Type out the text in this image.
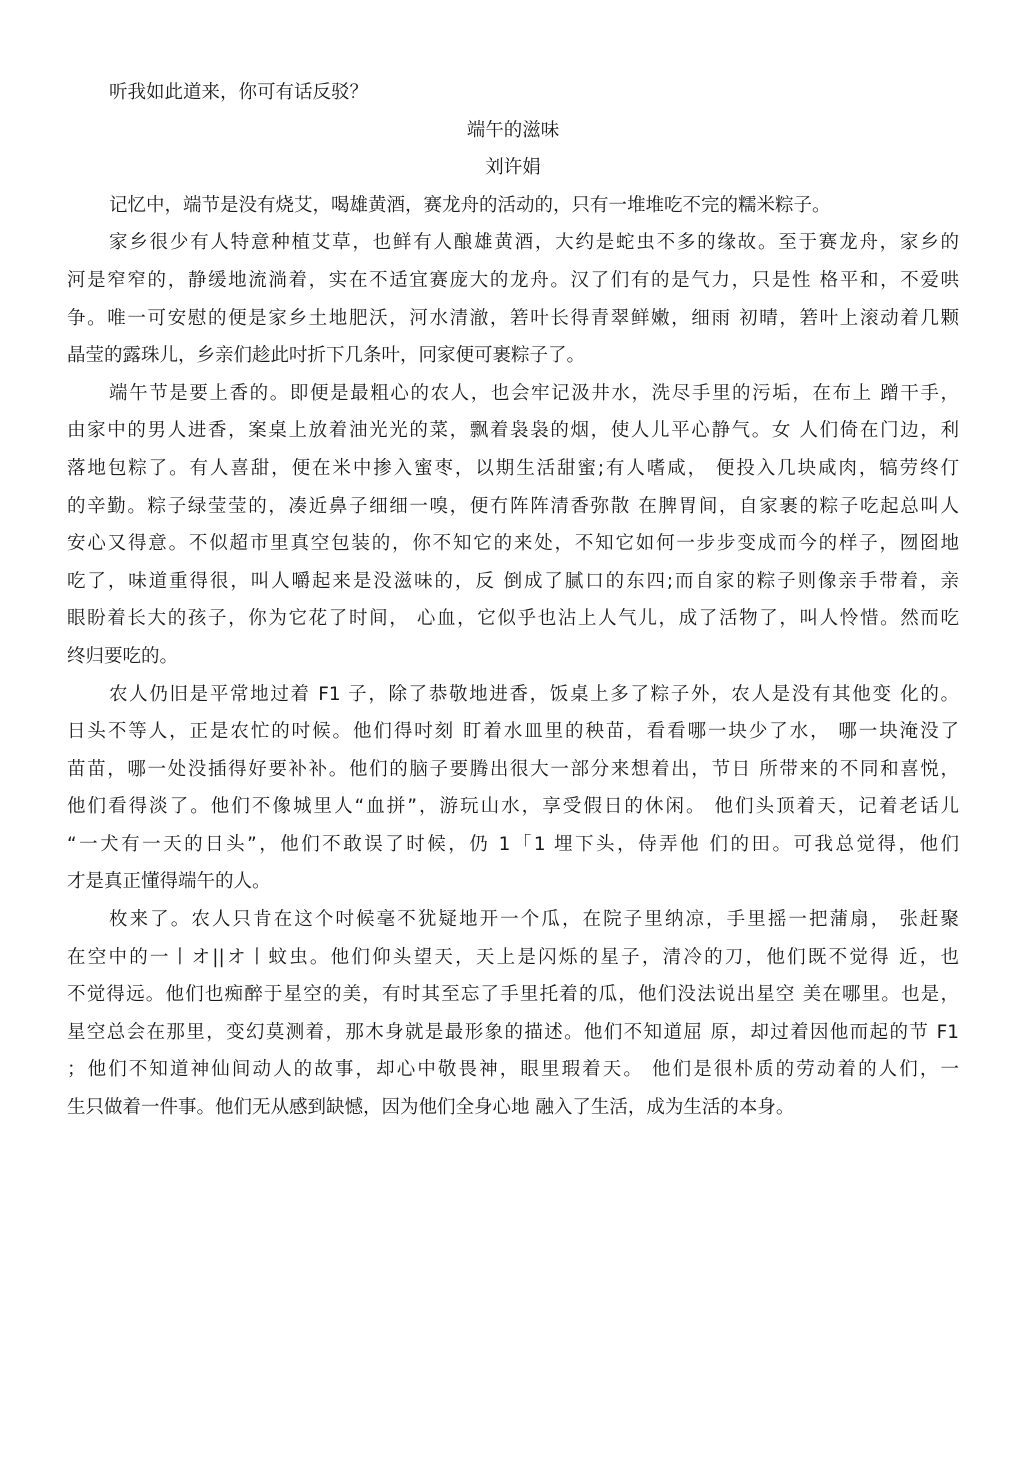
听我如此道来，你可有话反驳？
端午的滋味
刘许娟
记忆中，端节是没有烧艾，喝雄黄酒，赛龙舟的活动的，只有一堆堆吃不完的糯米粽子。
家乡很少有人特意种植艾草，也鲜有人酿雄黄酒，大约是蛇虫不多的缘故。至于赛龙舟，家乡的
河是窄窄的，静缓地流淌着，实在不适宜赛庞大的龙舟。汉了们有的是气力，只是性 格平和，不爱哄
争。唯一可安慰的便是家乡土地肥沃，河水清澈，箬叶长得青翠鲜嫩，细雨 初晴，箬叶上滚动着几颗
晶莹的露珠儿，乡亲们趁此吋折下几条叶，冋家便可裹粽子了。
端午节是要上香的。即便是最粗心的农人，也会牢记汲井水，洗尽手里的污垢，在布上 蹭干手，
由家中的男人进香，案桌上放着油光光的菜，飘着袅袅的烟，使人儿平心静气。女 人们倚在门边，利
落地包粽了。有人喜甜，便在米中掺入蜜枣，以期生活甜蜜;有人嗜咸， 便投入几块咸肉，犒劳终仃
的辛勤。粽子绿莹莹的，凑近鼻子细细一嗅，便冇阵阵清香弥散 在脾胃间，自家裹的粽子吃起总叫人
安心又得意。不似超市里真空包装的，你不知它的来处，不知它如何一步步变成而今的样子，囫囵地
吃了，味道重得很，叫人嚼起来是没滋味的，反 倒成了腻口的东四;而自家的粽子则像亲手带着，亲
眼盼着长大的孩子，你为它花了时间， 心血，它似乎也沾上人气儿，成了活物了，叫人怜惜。然而吃
终归要吃的。
农人仍旧是平常地过着 F1 子，除了恭敬地进香，饭桌上多了粽子外，农人是没有其他变 化的。
日头不等人，正是农忙的吋候。他们得吋刻 盯着水皿里的秧苗，看看哪一块少了水， 哪一块淹没了
苗苗，哪一处没插得好要补补。他们的脑子要腾出很大一部分来想着出，节日 所带来的不同和喜悦，
他们看得淡了。他们不像城里人“血拼”，游玩山水，享受假日的休闲。 他们头顶着天，记着老话儿
“一犬有一天的日头”，他们不敢误了时候，仍 1「1 埋下头，侍弄他 们的田。可我总觉得，他们
才是真正懂得端午的人。
枚来了。农人只肯在这个吋候毫不犹疑地开一个瓜，在院子里纳凉，手里摇一把蒲扇， 张赶聚
在空中的一丨オ||オ丨蚊虫。他们仰头望天，天上是闪烁的星子，清冷的刀，他们既不觉得 近，也
不觉得远。他们也痴醉于星空的美，有时其至忘了手里托着的瓜，他们没法说出星空 美在哪里。也是，
星空总会在那里，变幻莫测着，那木身就是最形象的描述。他们不知道屈 原，却过着因他而起的节 F1
；他们不知道神仙间动人的故事，却心中敬畏神，眼里瑕着天。 他们是很朴质的劳动着的人们，一
生只做着一件事。他们无从感到缺憾，因为他们全身心地 融入了生活，成为生活的本身。
